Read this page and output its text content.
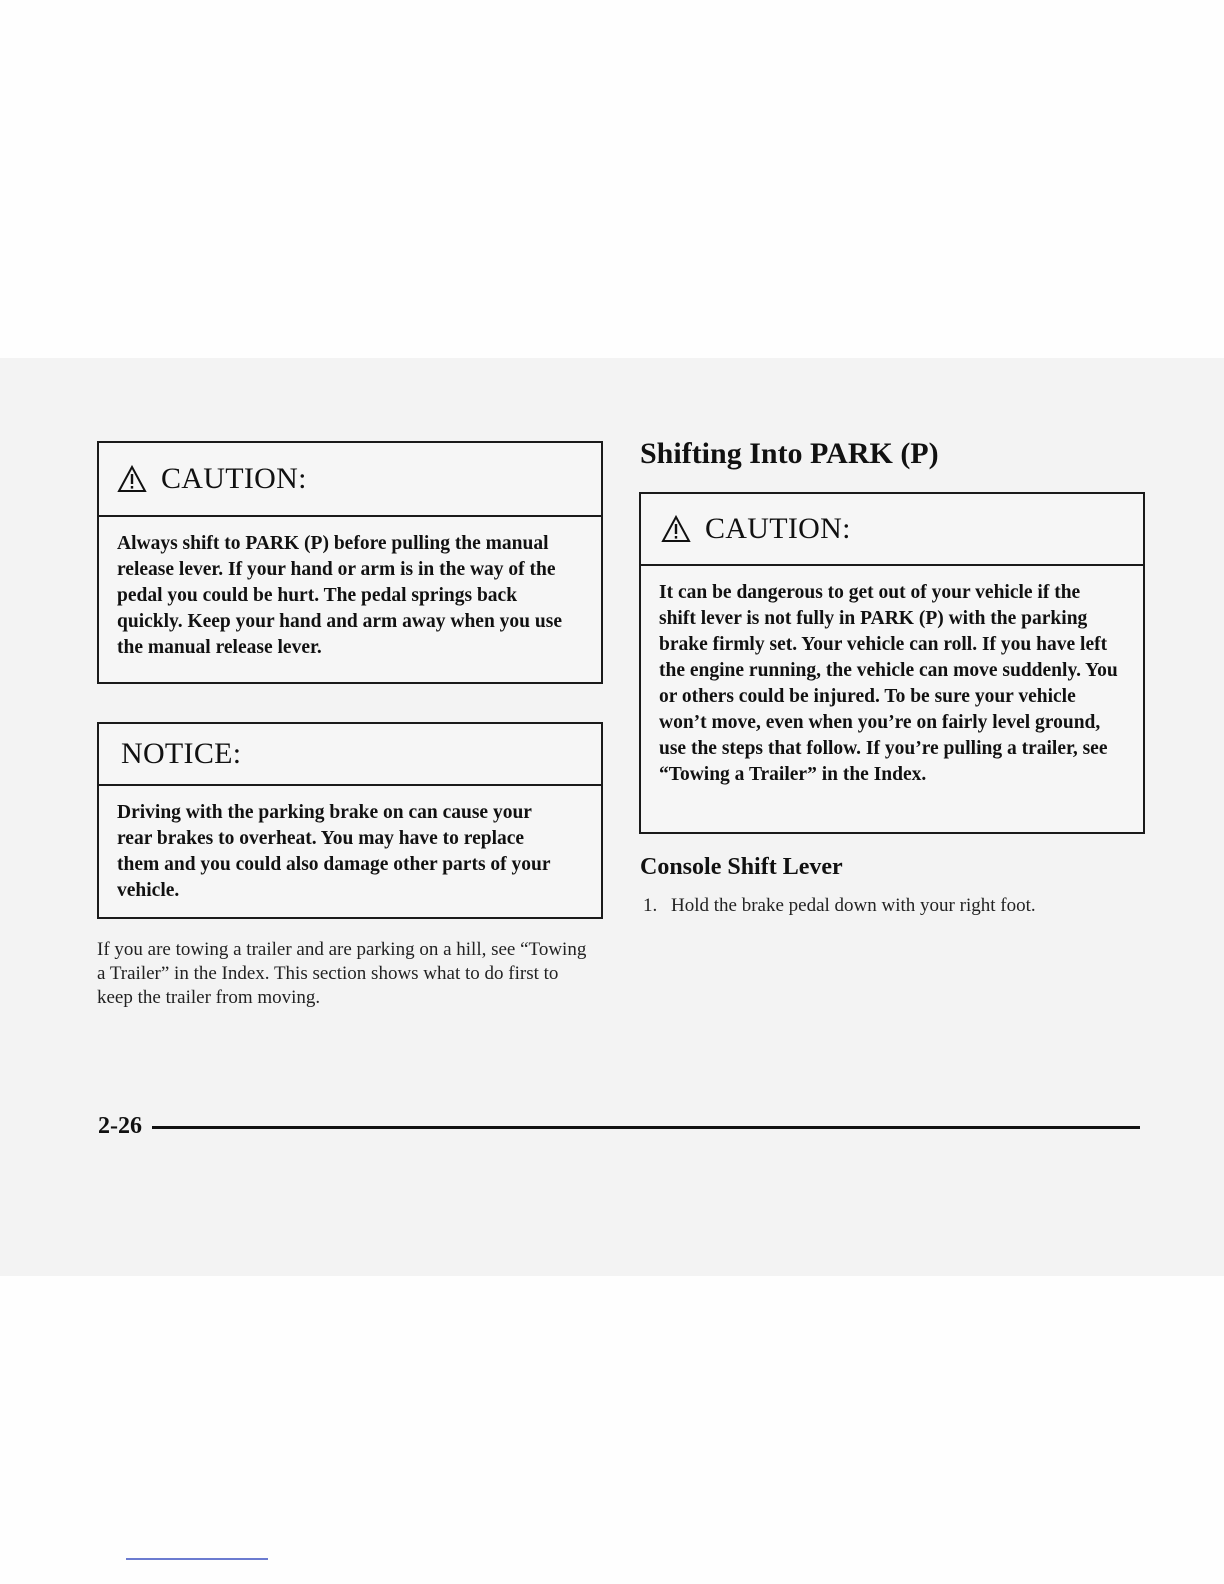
CAUTION:
Always shift to PARK (P) before pulling the manual release lever. If your hand or arm is in the way of the pedal you could be hurt. The pedal springs back quickly. Keep your hand and arm away when you use the manual release lever.
NOTICE:
Driving with the parking brake on can cause your rear brakes to overheat. You may have to replace them and you could also damage other parts of your vehicle.

If you are towing a trailer and are parking on a hill, see “Towing a Trailer” in the Index. This section shows what to do first to keep the trailer from moving.

Shifting Into PARK (P)
CAUTION:
It can be dangerous to get out of your vehicle if the shift lever is not fully in PARK (P) with the parking brake firmly set. Your vehicle can roll. If you have left the engine running, the vehicle can move suddenly. You or others could be injured. To be sure your vehicle won’t move, even when you’re on fairly level ground, use the steps that follow. If you’re pulling a trailer, see “Towing a Trailer” in the Index.
Console Shift Lever
1. Hold the brake pedal down with your right foot.
2-26
